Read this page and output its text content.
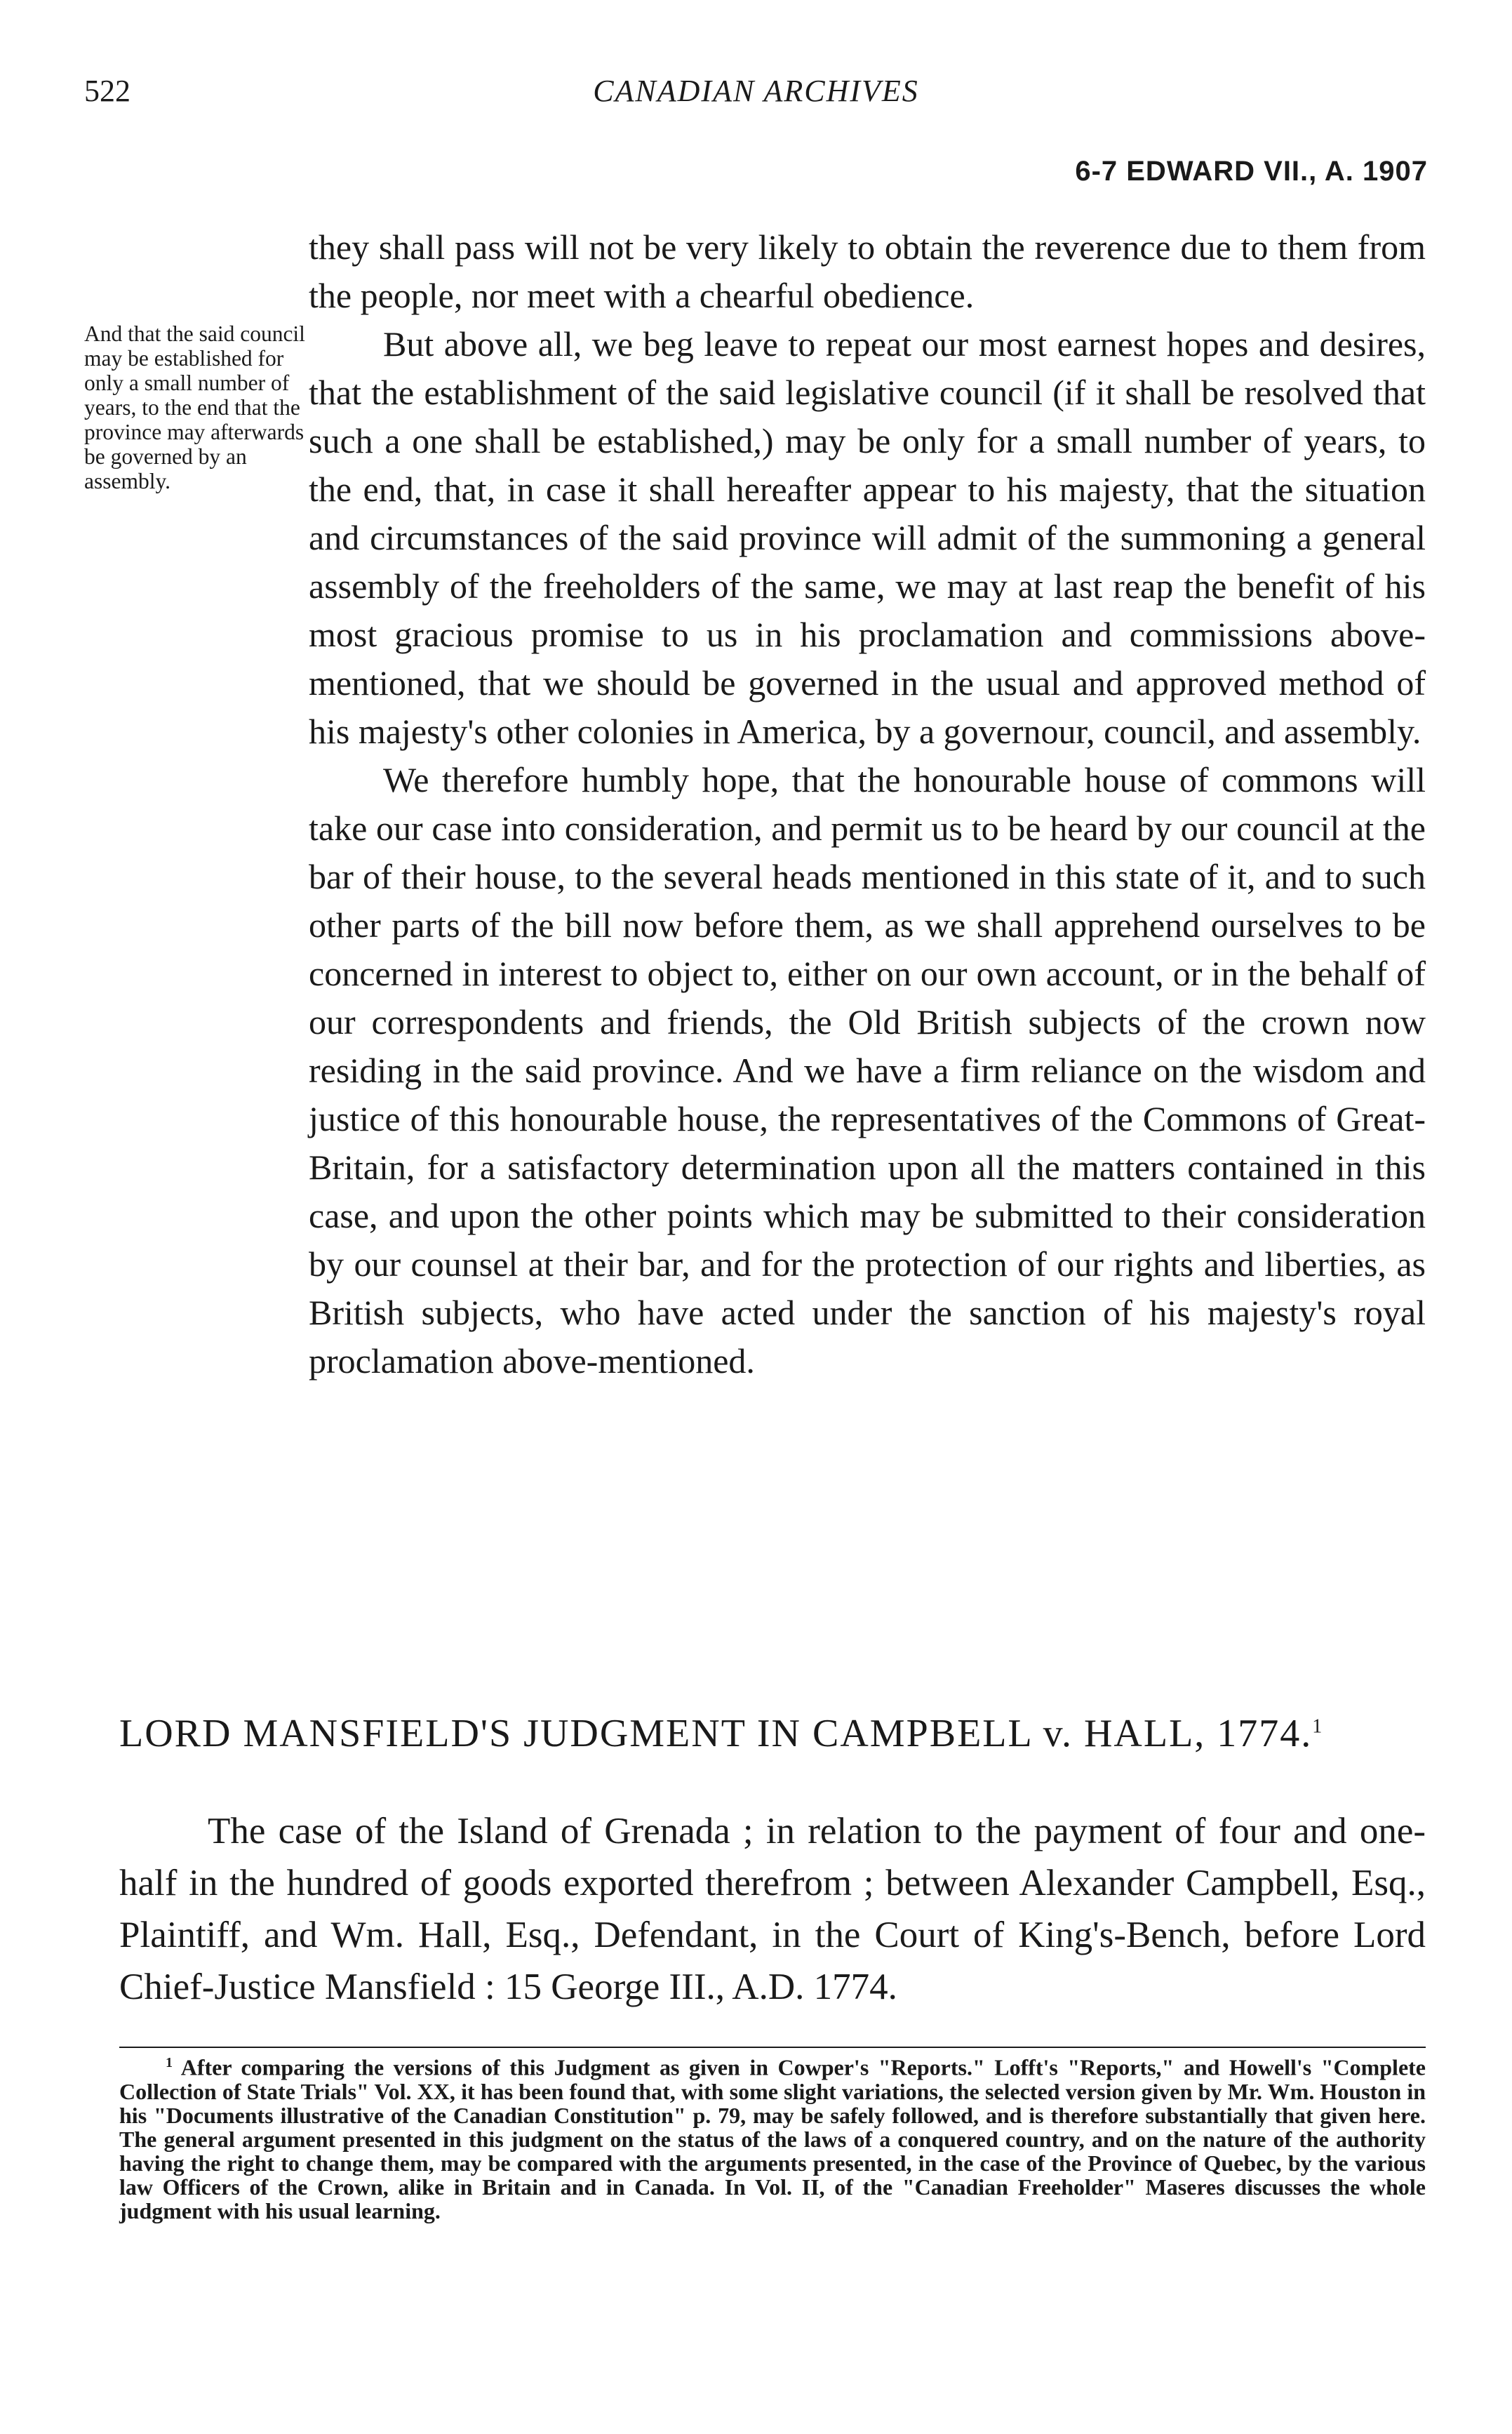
522	CANADIAN ARCHIVES
6-7 EDWARD VII., A. 1907
And that the said council may be established for only a small number of years, to the end that the province may afterwards be governed by an assembly.

they shall pass will not be very likely to obtain the reverence due to them from the people, nor meet with a chearful obedience.

But above all, we beg leave to repeat our most earnest hopes and desires, that the establishment of the said legislative council (if it shall be resolved that such a one shall be established,) may be only for a small number of years, to the end, that, in case it shall hereafter appear to his majesty, that the situation and circumstances of the said province will admit of the summoning a general assembly of the freeholders of the same, we may at last reap the benefit of his most gracious promise to us in his proclamation and commissions above-mentioned, that we should be governed in the usual and approved method of his majesty's other colonies in America, by a governour, council, and assembly.

We therefore humbly hope, that the honourable house of commons will take our case into consideration, and permit us to be heard by our council at the bar of their house, to the several heads mentioned in this state of it, and to such other parts of the bill now before them, as we shall apprehend ourselves to be concerned in interest to object to, either on our own account, or in the behalf of our correspondents and friends, the Old British subjects of the crown now residing in the said province. And we have a firm reliance on the wisdom and justice of this honourable house, the representatives of the Commons of Great-Britain, for a satisfactory determination upon all the matters contained in this case, and upon the other points which may be submitted to their consideration by our counsel at their bar, and for the protection of our rights and liberties, as British subjects, who have acted under the sanction of his majesty's royal proclamation above-mentioned.

LORD MANSFIELD'S JUDGMENT IN CAMPBELL v. HALL, 1774.$^1$

The case of the Island of Grenada ; in relation to the payment of four and one-half in the hundred of goods exported therefrom ; between Alexander Campbell, Esq., Plaintiff, and Wm. Hall, Esq., Defendant, in the Court of King's-Bench, before Lord Chief-Justice Mansfield : 15 George III., A.D. 1774.

$^1$ After comparing the versions of this Judgment as given in Cowper's "Reports." Lofft's "Reports," and Howell's "Complete Collection of State Trials" Vol. XX, it has been found that, with some slight variations, the selected version given by Mr. Wm. Houston in his "Documents illustrative of the Canadian Constitution" p. 79, may be safely followed, and is therefore substantially that given here. The general argument presented in this judgment on the status of the laws of a conquered country, and on the nature of the authority having the right to change them, may be compared with the arguments presented, in the case of the Province of Quebec, by the various law Officers of the Crown, alike in Britain and in Canada. In Vol. II, of the "Canadian Freeholder" Maseres discusses the whole judgment with his usual learning.
